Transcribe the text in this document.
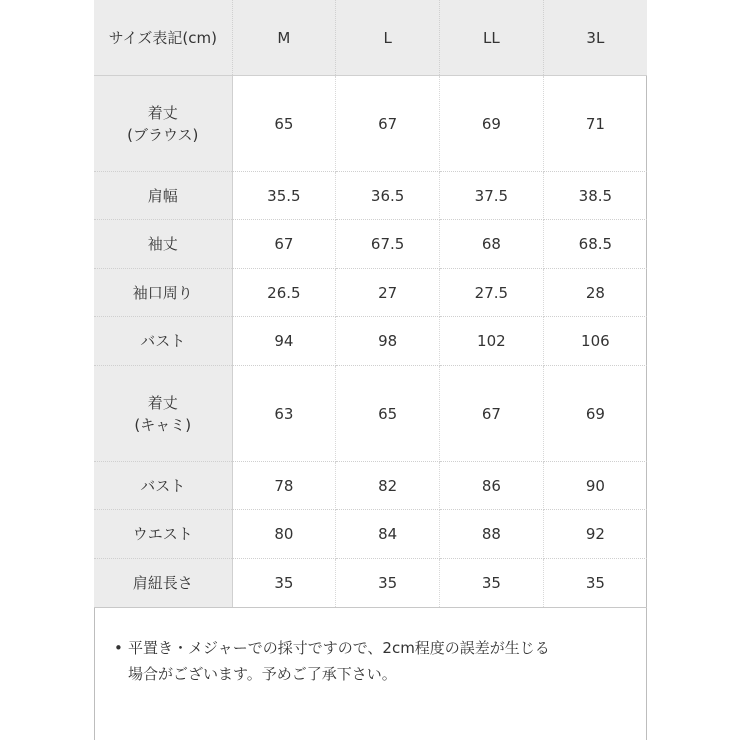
サイズ表記(cm)	M	L	LL	3L
着丈
(ブラウス)	65	67	69	71
肩幅	35.5	36.5	37.5	38.5
袖丈	67	67.5	68	68.5
袖口周り	26.5	27	27.5	28
バスト	94	98	102	106
着丈
(キャミ)	63	65	67	69
バスト	78	82	86	90
ウエスト	80	84	88	92
肩紐長さ	35	35	35	35
• 平置き・メジャーでの採寸ですので、2cm程度の誤差が生じる

場合がございます。予めご了承下さい。
